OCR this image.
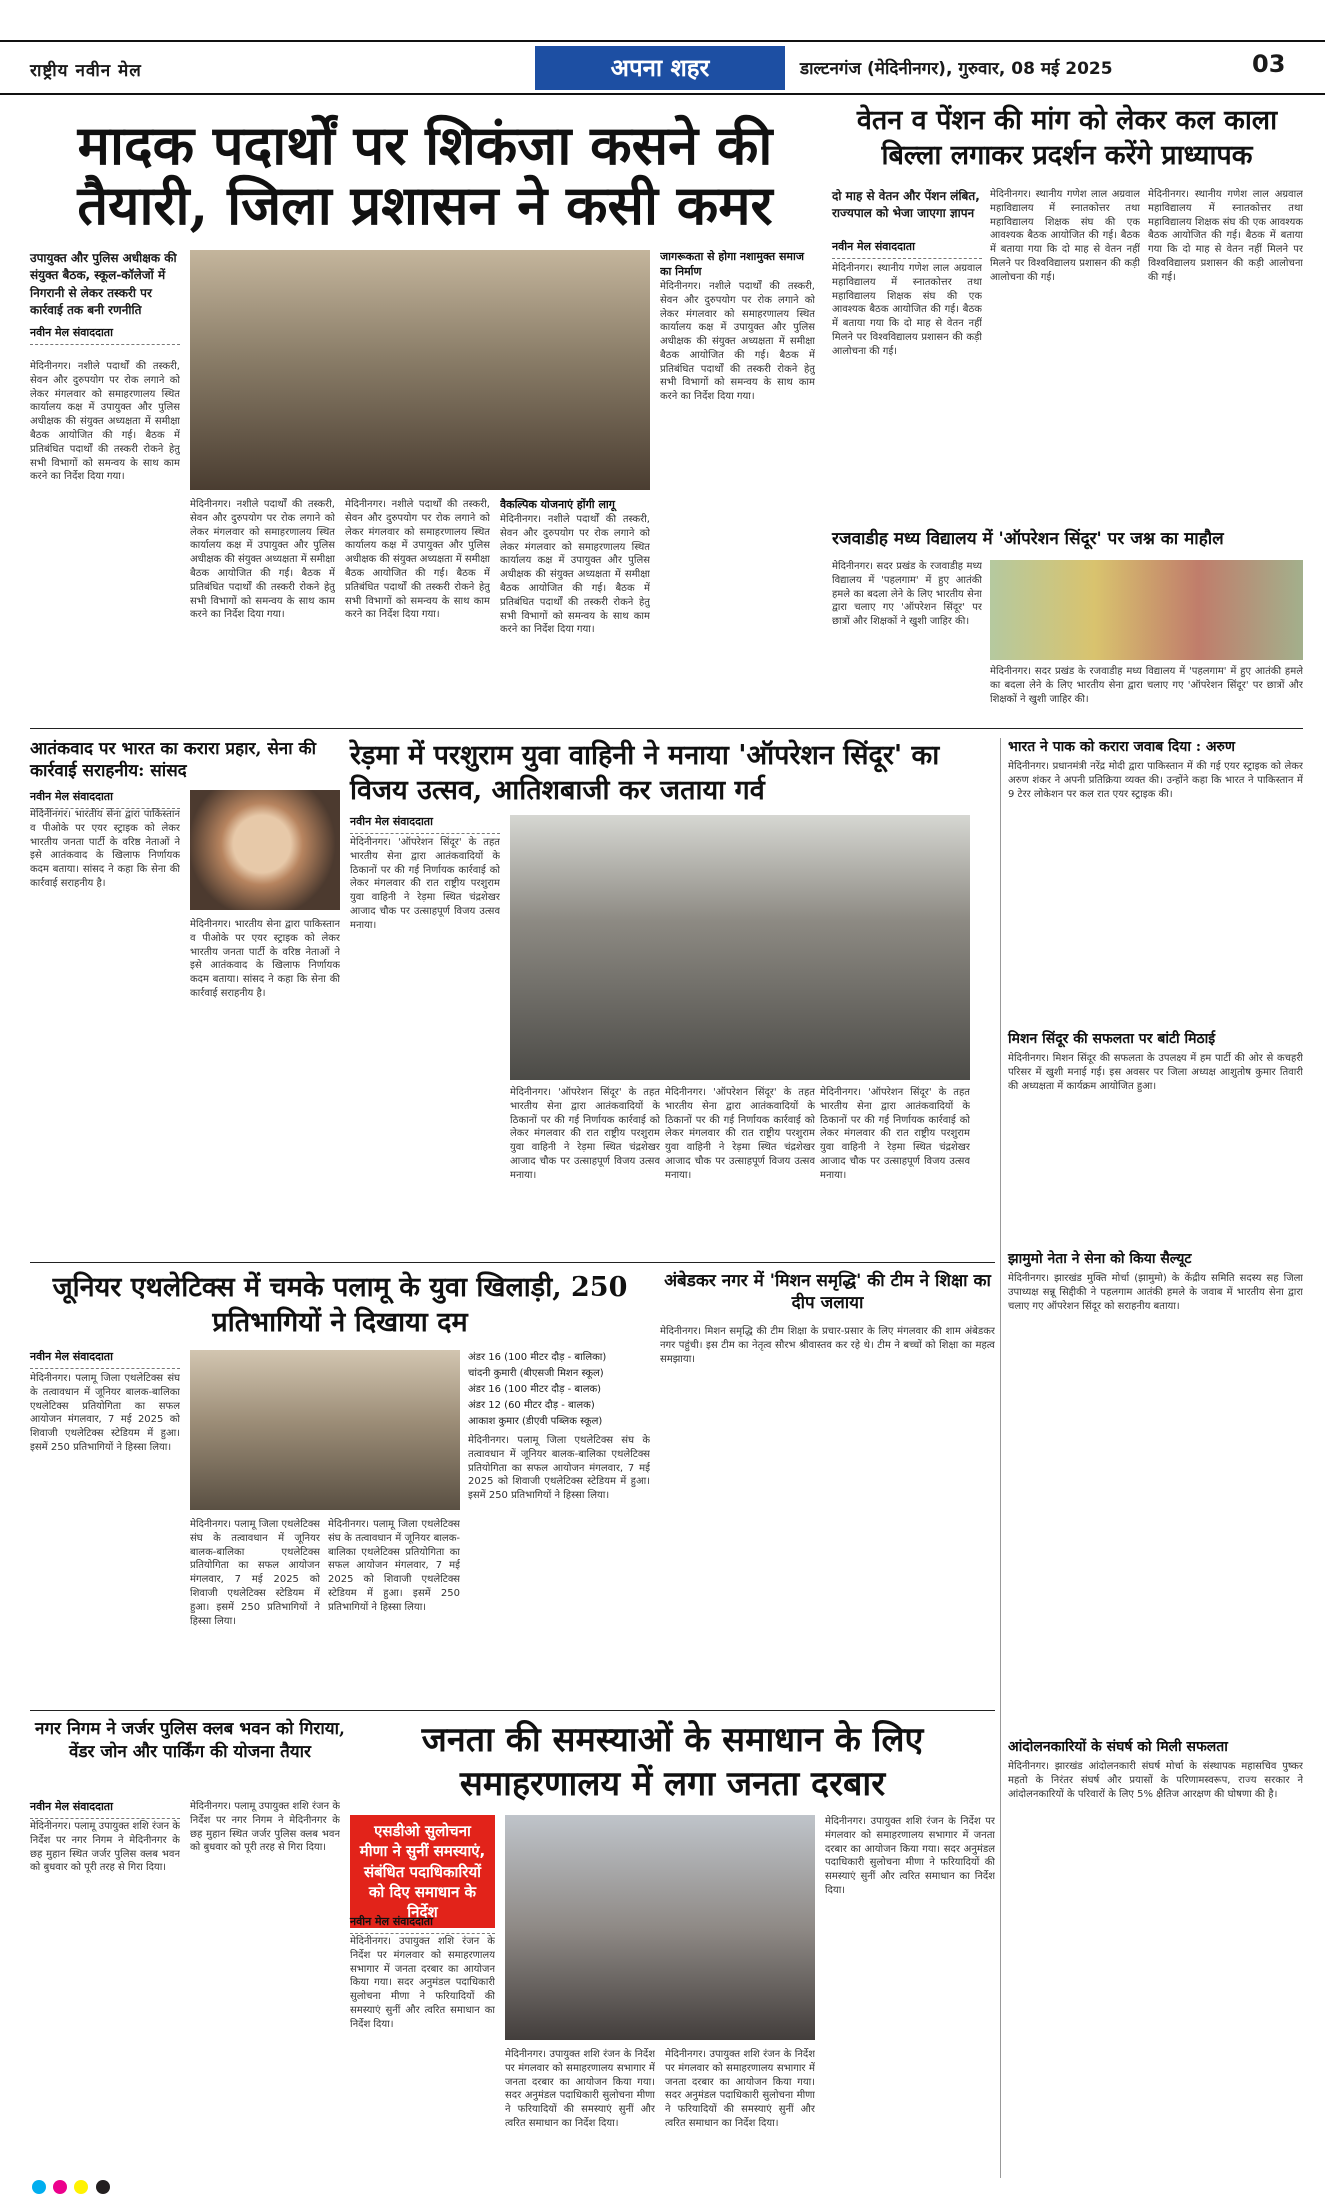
राष्ट्रीय नवीन मेल	अपना शहर	डाल्टनगंज (मेदिनीनगर), गुरुवार, 08 मई 2025	03
मादक पदार्थों पर शिकंजा कसने की तैयारी, जिला प्रशासन ने कसी कमर
उपायुक्त और पुलिस अधीक्षक की संयुक्त बैठक, स्कूल-कॉलेजों में निगरानी से लेकर तस्करी पर कार्रवाई तक बनी रणनीति
नवीन मेल संवाददाता
मेदिनीनगर। नशीले पदार्थों की तस्करी, सेवन और दुरुपयोग पर रोक लगाने को लेकर मंगलवार को समाहरणालय स्थित कार्यालय कक्ष में उपायुक्त और पुलिस अधीक्षक की संयुक्त अध्यक्षता में समीक्षा बैठक आयोजित की गई। बैठक में प्रतिबंधित पदार्थों की तस्करी रोकने हेतु सभी विभागों को समन्वय के साथ काम करने का निर्देश दिया गया।
मेदिनीनगर। नशीले पदार्थों की तस्करी, सेवन और दुरुपयोग पर रोक लगाने को लेकर मंगलवार को समाहरणालय स्थित कार्यालय कक्ष में उपायुक्त और पुलिस अधीक्षक की संयुक्त अध्यक्षता में समीक्षा बैठक आयोजित की गई। बैठक में प्रतिबंधित पदार्थों की तस्करी रोकने हेतु सभी विभागों को समन्वय के साथ काम करने का निर्देश दिया गया।
मेदिनीनगर। नशीले पदार्थों की तस्करी, सेवन और दुरुपयोग पर रोक लगाने को लेकर मंगलवार को समाहरणालय स्थित कार्यालय कक्ष में उपायुक्त और पुलिस अधीक्षक की संयुक्त अध्यक्षता में समीक्षा बैठक आयोजित की गई। बैठक में प्रतिबंधित पदार्थों की तस्करी रोकने हेतु सभी विभागों को समन्वय के साथ काम करने का निर्देश दिया गया।
वैकल्पिक योजनाएं होंगी लागू
मेदिनीनगर। नशीले पदार्थों की तस्करी, सेवन और दुरुपयोग पर रोक लगाने को लेकर मंगलवार को समाहरणालय स्थित कार्यालय कक्ष में उपायुक्त और पुलिस अधीक्षक की संयुक्त अध्यक्षता में समीक्षा बैठक आयोजित की गई। बैठक में प्रतिबंधित पदार्थों की तस्करी रोकने हेतु सभी विभागों को समन्वय के साथ काम करने का निर्देश दिया गया।
जागरूकता से होगा नशामुक्त समाज का निर्माण
मेदिनीनगर। नशीले पदार्थों की तस्करी, सेवन और दुरुपयोग पर रोक लगाने को लेकर मंगलवार को समाहरणालय स्थित कार्यालय कक्ष में उपायुक्त और पुलिस अधीक्षक की संयुक्त अध्यक्षता में समीक्षा बैठक आयोजित की गई। बैठक में प्रतिबंधित पदार्थों की तस्करी रोकने हेतु सभी विभागों को समन्वय के साथ काम करने का निर्देश दिया गया।
वेतन व पेंशन की मांग को लेकर कल काला बिल्ला लगाकर प्रदर्शन करेंगे प्राध्यापक
दो माह से वेतन और पेंशन लंबित, राज्यपाल को भेजा जाएगा ज्ञापन
नवीन मेल संवाददाता
मेदिनीनगर। स्थानीय गणेश लाल अग्रवाल महाविद्यालय में स्नातकोत्तर तथा महाविद्यालय शिक्षक संघ की एक आवश्यक बैठक आयोजित की गई। बैठक में बताया गया कि दो माह से वेतन नहीं मिलने पर विश्वविद्यालय प्रशासन की कड़ी आलोचना की गई।
मेदिनीनगर। स्थानीय गणेश लाल अग्रवाल महाविद्यालय में स्नातकोत्तर तथा महाविद्यालय शिक्षक संघ की एक आवश्यक बैठक आयोजित की गई। बैठक में बताया गया कि दो माह से वेतन नहीं मिलने पर विश्वविद्यालय प्रशासन की कड़ी आलोचना की गई।
मेदिनीनगर। स्थानीय गणेश लाल अग्रवाल महाविद्यालय में स्नातकोत्तर तथा महाविद्यालय शिक्षक संघ की एक आवश्यक बैठक आयोजित की गई। बैठक में बताया गया कि दो माह से वेतन नहीं मिलने पर विश्वविद्यालय प्रशासन की कड़ी आलोचना की गई।
रजवाडीह मध्य विद्यालय में 'ऑपरेशन सिंदूर' पर जश्न का माहौल
मेदिनीनगर। सदर प्रखंड के रजवाडीह मध्य विद्यालय में 'पहलगाम' में हुए आतंकी हमले का बदला लेने के लिए भारतीय सेना द्वारा चलाए गए 'ऑपरेशन सिंदूर' पर छात्रों और शिक्षकों ने खुशी जाहिर की।
मेदिनीनगर। सदर प्रखंड के रजवाडीह मध्य विद्यालय में 'पहलगाम' में हुए आतंकी हमले का बदला लेने के लिए भारतीय सेना द्वारा चलाए गए 'ऑपरेशन सिंदूर' पर छात्रों और शिक्षकों ने खुशी जाहिर की।
आतंकवाद पर भारत का करारा प्रहार, सेना की कार्रवाई सराहनीय: सांसद
नवीन मेल संवाददाता
मेदिनीनगर। भारतीय सेना द्वारा पाकिस्तान व पीओके पर एयर स्ट्राइक को लेकर भारतीय जनता पार्टी के वरिष्ठ नेताओं ने इसे आतंकवाद के खिलाफ निर्णायक कदम बताया। सांसद ने कहा कि सेना की कार्रवाई सराहनीय है।
मेदिनीनगर। भारतीय सेना द्वारा पाकिस्तान व पीओके पर एयर स्ट्राइक को लेकर भारतीय जनता पार्टी के वरिष्ठ नेताओं ने इसे आतंकवाद के खिलाफ निर्णायक कदम बताया। सांसद ने कहा कि सेना की कार्रवाई सराहनीय है।
रेड़मा में परशुराम युवा वाहिनी ने मनाया 'ऑपरेशन सिंदूर' का विजय उत्सव, आतिशबाजी कर जताया गर्व
नवीन मेल संवाददाता
मेदिनीनगर। 'ऑपरेशन सिंदूर' के तहत भारतीय सेना द्वारा आतंकवादियों के ठिकानों पर की गई निर्णायक कार्रवाई को लेकर मंगलवार की रात राष्ट्रीय परशुराम युवा वाहिनी ने रेड़मा स्थित चंद्रशेखर आजाद चौक पर उत्साहपूर्ण विजय उत्सव मनाया।
मेदिनीनगर। 'ऑपरेशन सिंदूर' के तहत भारतीय सेना द्वारा आतंकवादियों के ठिकानों पर की गई निर्णायक कार्रवाई को लेकर मंगलवार की रात राष्ट्रीय परशुराम युवा वाहिनी ने रेड़मा स्थित चंद्रशेखर आजाद चौक पर उत्साहपूर्ण विजय उत्सव मनाया।
मेदिनीनगर। 'ऑपरेशन सिंदूर' के तहत भारतीय सेना द्वारा आतंकवादियों के ठिकानों पर की गई निर्णायक कार्रवाई को लेकर मंगलवार की रात राष्ट्रीय परशुराम युवा वाहिनी ने रेड़मा स्थित चंद्रशेखर आजाद चौक पर उत्साहपूर्ण विजय उत्सव मनाया।
मेदिनीनगर। 'ऑपरेशन सिंदूर' के तहत भारतीय सेना द्वारा आतंकवादियों के ठिकानों पर की गई निर्णायक कार्रवाई को लेकर मंगलवार की रात राष्ट्रीय परशुराम युवा वाहिनी ने रेड़मा स्थित चंद्रशेखर आजाद चौक पर उत्साहपूर्ण विजय उत्सव मनाया।
भारत ने पाक को करारा जवाब दिया : अरुण
मेदिनीनगर। प्रधानमंत्री नरेंद्र मोदी द्वारा पाकिस्तान में की गई एयर स्ट्राइक को लेकर अरुण शंकर ने अपनी प्रतिक्रिया व्यक्त की। उन्होंने कहा कि भारत ने पाकिस्तान में 9 टेरर लोकेशन पर कल रात एयर स्ट्राइक की।
मिशन सिंदूर की सफलता पर बांटी मिठाई
मेदिनीनगर। मिशन सिंदूर की सफलता के उपलक्ष्य में हम पार्टी की ओर से कचहरी परिसर में खुशी मनाई गई। इस अवसर पर जिला अध्यक्ष आशुतोष कुमार तिवारी की अध्यक्षता में कार्यक्रम आयोजित हुआ।
झामुमो नेता ने सेना को किया सैल्यूट
मेदिनीनगर। झारखंड मुक्ति मोर्चा (झामुमो) के केंद्रीय समिति सदस्य सह जिला उपाध्यक्ष सन्नू सिद्दीकी ने पहलगाम आतंकी हमले के जवाब में भारतीय सेना द्वारा चलाए गए ऑपरेशन सिंदूर को सराहनीय बताया।
आंदोलनकारियों के संघर्ष को मिली सफलता
मेदिनीनगर। झारखंड आंदोलनकारी संघर्ष मोर्चा के संस्थापक महासचिव पुष्कर महतो के निरंतर संघर्ष और प्रयासों के परिणामस्वरूप, राज्य सरकार ने आंदोलनकारियों के परिवारों के लिए 5% क्षैतिज आरक्षण की घोषणा की है।
जूनियर एथलेटिक्स में चमके पलामू के युवा खिलाड़ी, 250 प्रतिभागियों ने दिखाया दम
नवीन मेल संवाददाता
मेदिनीनगर। पलामू जिला एथलेटिक्स संघ के तत्वावधान में जूनियर बालक-बालिका एथलेटिक्स प्रतियोगिता का सफल आयोजन मंगलवार, 7 मई 2025 को शिवाजी एथलेटिक्स स्टेडियम में हुआ। इसमें 250 प्रतिभागियों ने हिस्सा लिया।
मेदिनीनगर। पलामू जिला एथलेटिक्स संघ के तत्वावधान में जूनियर बालक-बालिका एथलेटिक्स प्रतियोगिता का सफल आयोजन मंगलवार, 7 मई 2025 को शिवाजी एथलेटिक्स स्टेडियम में हुआ। इसमें 250 प्रतिभागियों ने हिस्सा लिया।
मेदिनीनगर। पलामू जिला एथलेटिक्स संघ के तत्वावधान में जूनियर बालक-बालिका एथलेटिक्स प्रतियोगिता का सफल आयोजन मंगलवार, 7 मई 2025 को शिवाजी एथलेटिक्स स्टेडियम में हुआ। इसमें 250 प्रतिभागियों ने हिस्सा लिया।
अंडर 16 (100 मीटर दौड़ - बालिका)
चांदनी कुमारी (बीएसजी मिशन स्कूल)
अंडर 16 (100 मीटर दौड़ - बालक)
अंडर 12 (60 मीटर दौड़ - बालक)
आकाश कुमार (डीएवी पब्लिक स्कूल)
मेदिनीनगर। पलामू जिला एथलेटिक्स संघ के तत्वावधान में जूनियर बालक-बालिका एथलेटिक्स प्रतियोगिता का सफल आयोजन मंगलवार, 7 मई 2025 को शिवाजी एथलेटिक्स स्टेडियम में हुआ। इसमें 250 प्रतिभागियों ने हिस्सा लिया।
अंबेडकर नगर में 'मिशन समृद्धि' की टीम ने शिक्षा का दीप जलाया
मेदिनीनगर। मिशन समृद्धि की टीम शिक्षा के प्रचार-प्रसार के लिए मंगलवार की शाम अंबेडकर नगर पहुंची। इस टीम का नेतृत्व सौरभ श्रीवास्तव कर रहे थे। टीम ने बच्चों को शिक्षा का महत्व समझाया।
नगर निगम ने जर्जर पुलिस क्लब भवन को गिराया, वेंडर जोन और पार्किंग की योजना तैयार
नवीन मेल संवाददाता
मेदिनीनगर। पलामू उपायुक्त शशि रंजन के निर्देश पर नगर निगम ने मेदिनीनगर के छह मुहान स्थित जर्जर पुलिस क्लब भवन को बुधवार को पूरी तरह से गिरा दिया।
मेदिनीनगर। पलामू उपायुक्त शशि रंजन के निर्देश पर नगर निगम ने मेदिनीनगर के छह मुहान स्थित जर्जर पुलिस क्लब भवन को बुधवार को पूरी तरह से गिरा दिया।
जनता की समस्याओं के समाधान के लिए समाहरणालय में लगा जनता दरबार
एसडीओ सुलोचना मीणा ने सुनीं समस्याएं, संबंधित पदाधिकारियों को दिए समाधान के निर्देश
नवीन मेल संवाददाता
मेदिनीनगर। उपायुक्त शशि रंजन के निर्देश पर मंगलवार को समाहरणालय सभागार में जनता दरबार का आयोजन किया गया। सदर अनुमंडल पदाधिकारी सुलोचना मीणा ने फरियादियों की समस्याएं सुनीं और त्वरित समाधान का निर्देश दिया।
मेदिनीनगर। उपायुक्त शशि रंजन के निर्देश पर मंगलवार को समाहरणालय सभागार में जनता दरबार का आयोजन किया गया। सदर अनुमंडल पदाधिकारी सुलोचना मीणा ने फरियादियों की समस्याएं सुनीं और त्वरित समाधान का निर्देश दिया।
मेदिनीनगर। उपायुक्त शशि रंजन के निर्देश पर मंगलवार को समाहरणालय सभागार में जनता दरबार का आयोजन किया गया। सदर अनुमंडल पदाधिकारी सुलोचना मीणा ने फरियादियों की समस्याएं सुनीं और त्वरित समाधान का निर्देश दिया।
मेदिनीनगर। उपायुक्त शशि रंजन के निर्देश पर मंगलवार को समाहरणालय सभागार में जनता दरबार का आयोजन किया गया। सदर अनुमंडल पदाधिकारी सुलोचना मीणा ने फरियादियों की समस्याएं सुनीं और त्वरित समाधान का निर्देश दिया।
